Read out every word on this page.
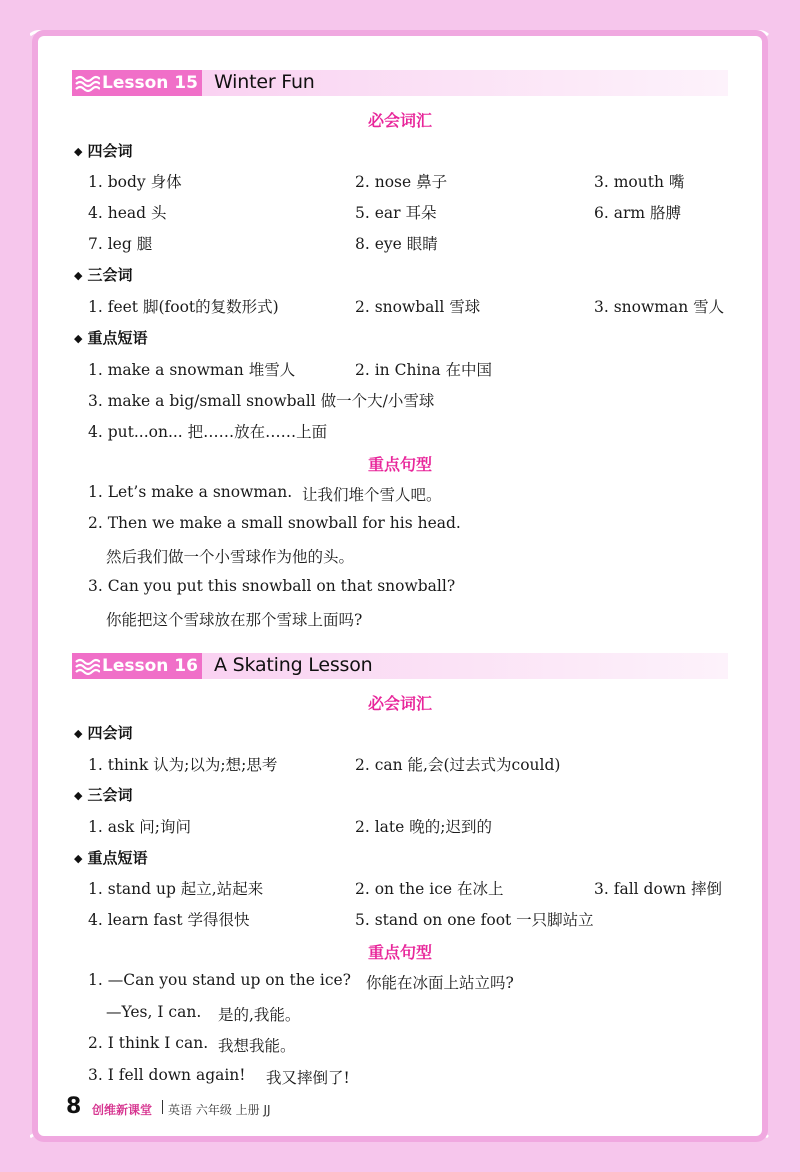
Lesson 15 Winter Fun
必会词汇
◆ 四会词
1. body 身体	2. nose 鼻子	3. mouth 嘴
4. head 头	5. ear 耳朵	6. arm 胳膊
7. leg 腿	8. eye 眼睛
◆ 三会词
1. feet 脚(foot的复数形式)	2. snowball 雪球	3. snowman 雪人
◆ 重点短语
1. make a snowman 堆雪人	2. in China 在中国
3. make a big/small snowball 做一个大/小雪球
4. put...on... 把……放在……上面
重点句型
1. Let’s make a snowman. 让我们堆个雪人吧。
2. Then we make a small snowball for his head.
然后我们做一个小雪球作为他的头。
3. Can you put this snowball on that snowball?
你能把这个雪球放在那个雪球上面吗?
Lesson 16 A Skating Lesson
必会词汇
◆ 四会词
1. think 认为;以为;想;思考	2. can 能,会(过去式为could)
◆ 三会词
1. ask 问;询问	2. late 晚的;迟到的
◆ 重点短语
1. stand up 起立,站起来	2. on the ice 在冰上	3. fall down 摔倒
4. learn fast 学得很快	5. stand on one foot 一只脚站立
重点句型
1. —Can you stand up on the ice? 你能在冰面上站立吗?
—Yes, I can. 是的,我能。
2. I think I can. 我想我能。
3. I fell down again! 我又摔倒了!
8 创维新课堂 英语 六年级 上册 JJ
